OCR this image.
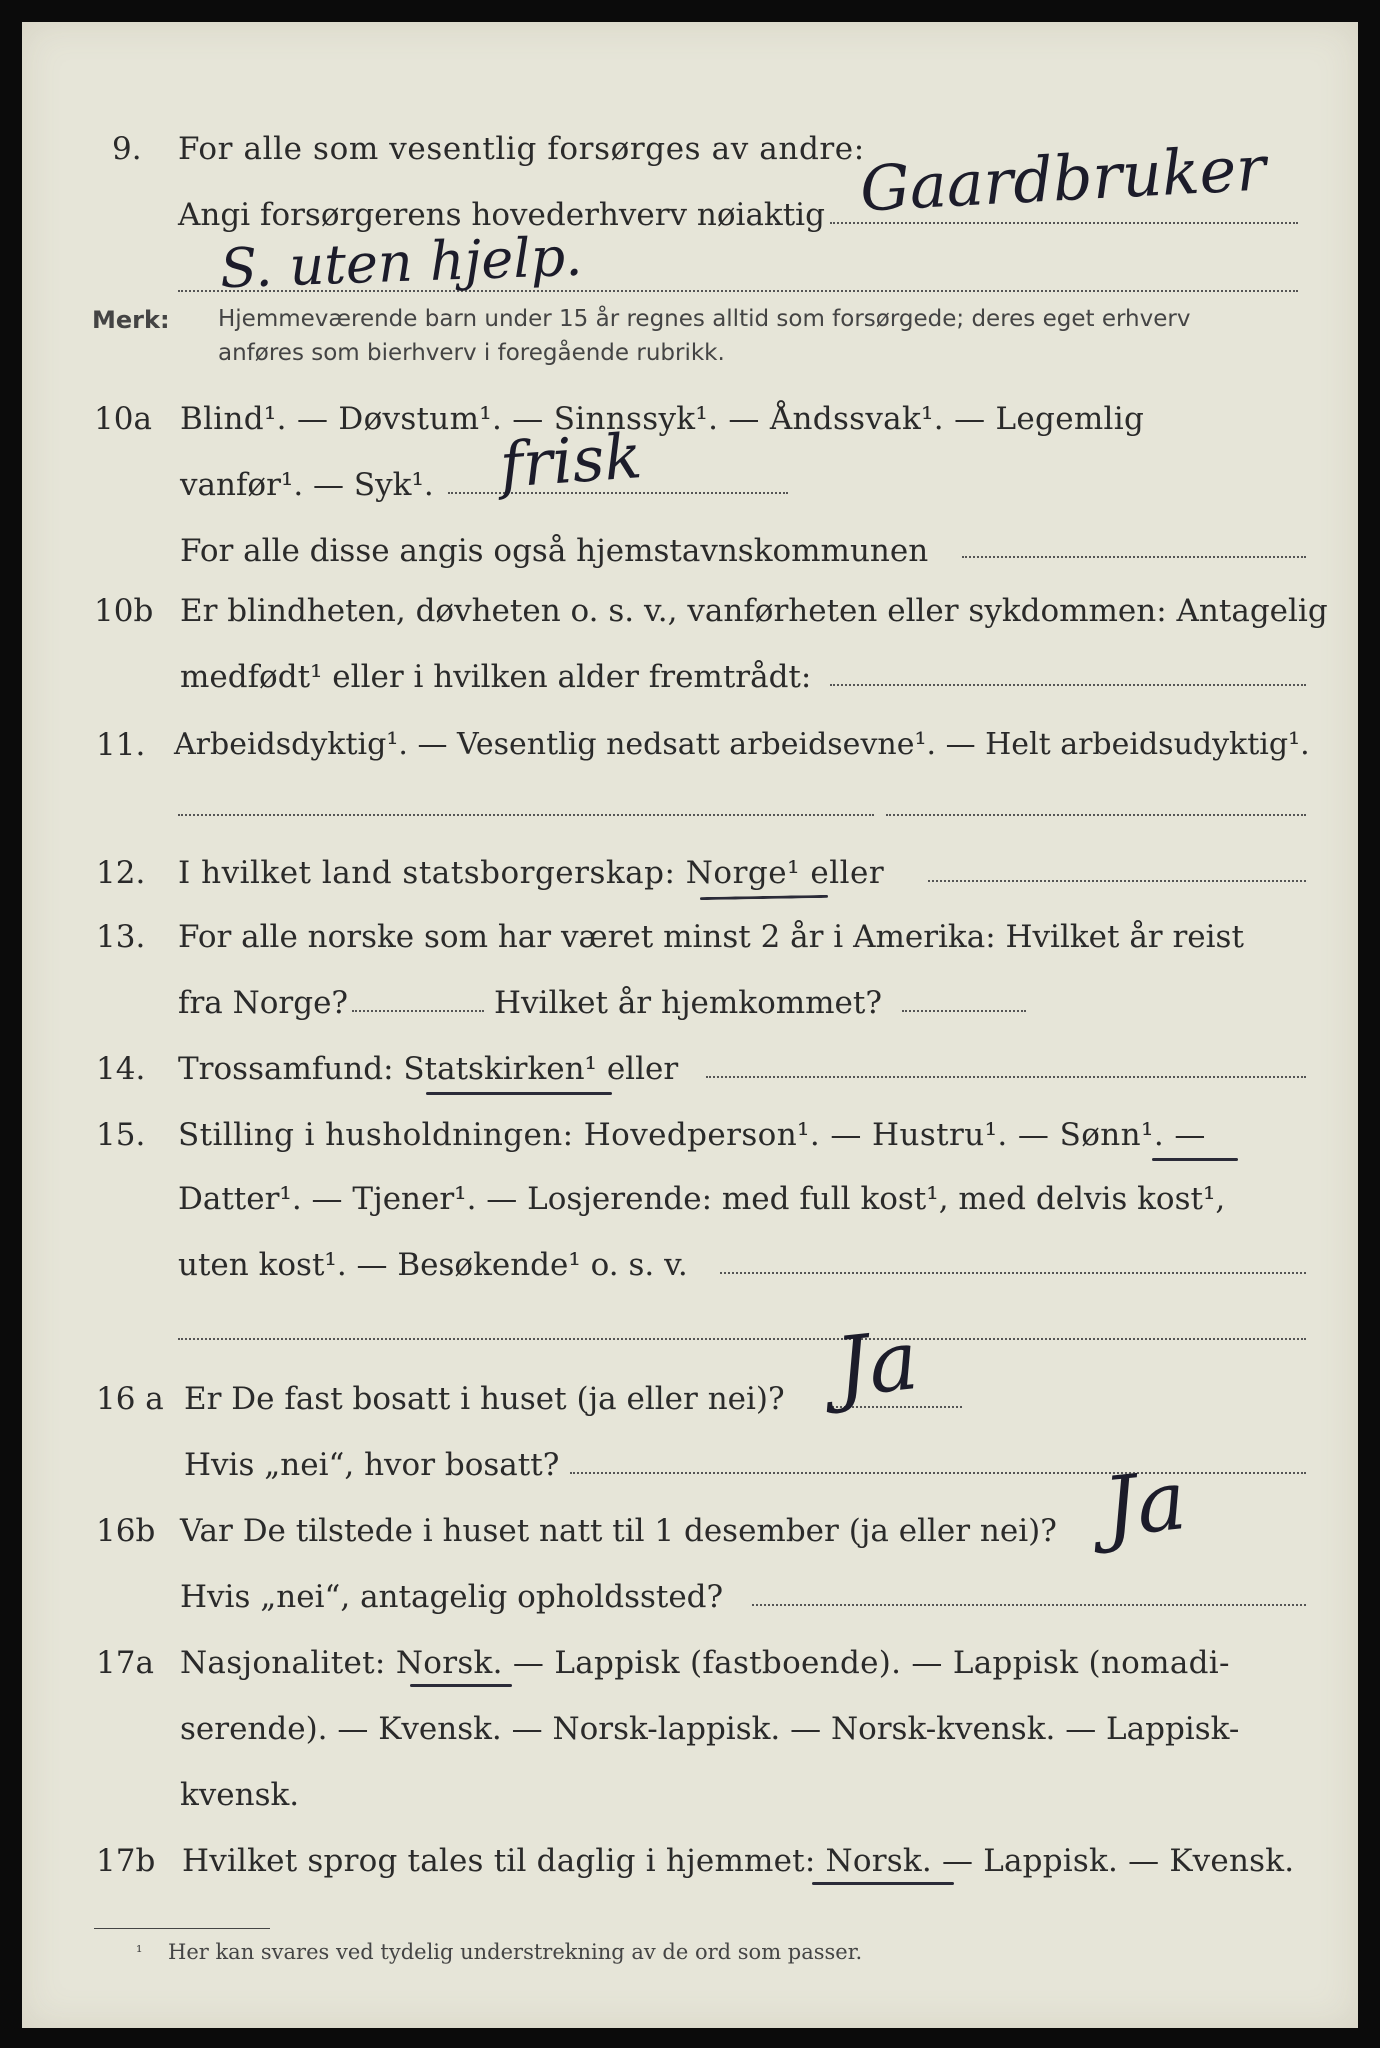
9. For alle som vesentlig forsørges av andre:
Angi forsørgerens hovederhverv nøiaktig Gaardbruker
S. uten hjelp.
Merk: Hjemmeværende barn under 15 år regnes alltid som forsørgede; deres eget erhverv
anføres som bierhverv i foregående rubrikk.
10a Blind¹. — Døvstum¹. — Sinnssyk¹. — Åndssvak¹. — Legemlig
vanfør¹. — Syk¹. frisk
For alle disse angis også hjemstavnskommunen
10b Er blindheten, døvheten o. s. v., vanførheten eller sykdommen: Antagelig
medfødt¹ eller i hvilken alder fremtrådt:
11. Arbeidsdyktig¹. — Vesentlig nedsatt arbeidsevne¹. — Helt arbeidsudyktig¹.
12. I hvilket land statsborgerskap: Norge¹ eller
13. For alle norske som har været minst 2 år i Amerika: Hvilket år reist
fra Norge?	Hvilket år hjemkommet?
14. Trossamfund: Statskirken¹ eller
15. Stilling i husholdningen: Hovedperson¹. — Hustru¹. — Sønn¹. —
Datter¹. — Tjener¹. — Losjerende: med full kost¹, med delvis kost¹,
uten kost¹. — Besøkende¹ o. s. v.
16 a Er De fast bosatt i huset (ja eller nei)? Ja
Hvis „nei“, hvor bosatt?
16b Var De tilstede i huset natt til 1 desember (ja eller nei)? Ja
Hvis „nei“, antagelig opholdssted?
17a Nasjonalitet: Norsk. — Lappisk (fastboende). — Lappisk (nomadi-
serende). — Kvensk. — Norsk-lappisk. — Norsk-kvensk. — Lappisk-
kvensk.
17b Hvilket sprog tales til daglig i hjemmet: Norsk. — Lappisk. — Kvensk.
¹ Her kan svares ved tydelig understrekning av de ord som passer.
